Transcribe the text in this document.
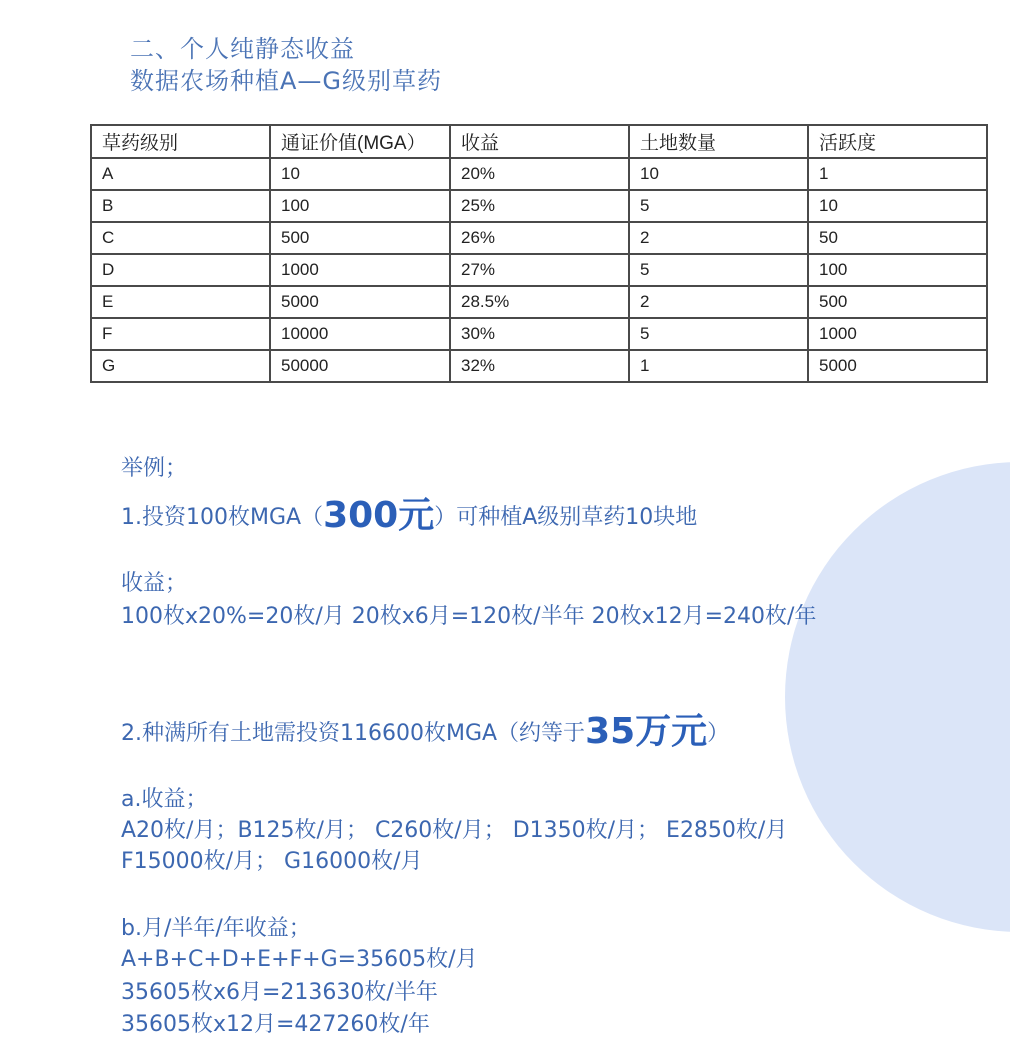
二、个人纯静态收益
数据农场种植A—G级别草药
草药级别	通证价值(MGA）	收益	土地数量	活跃度
A	10	20%	10	1
B	100	25%	5	10
C	500	26%	2	50
D	1000	27%	5	100
E	5000	28.5%	2	500
F	10000	30%	5	1000
G	50000	32%	1	5000
举例；
1.投资100枚MGA（300元）可种植A级别草药10块地
收益；
100枚x20%=20枚/月 20枚x6月=120枚/半年 20枚x12月=240枚/年
2.种满所有土地需投资116600枚MGA（约等于35万元）
a.收益；
A20枚/月；B125枚/月； C260枚/月； D1350枚/月； E2850枚/月
F15000枚/月； G16000枚/月
b.月/半年/年收益；
A+B+C+D+E+F+G=35605枚/月
35605枚x6月=213630枚/半年
35605枚x12月=427260枚/年
